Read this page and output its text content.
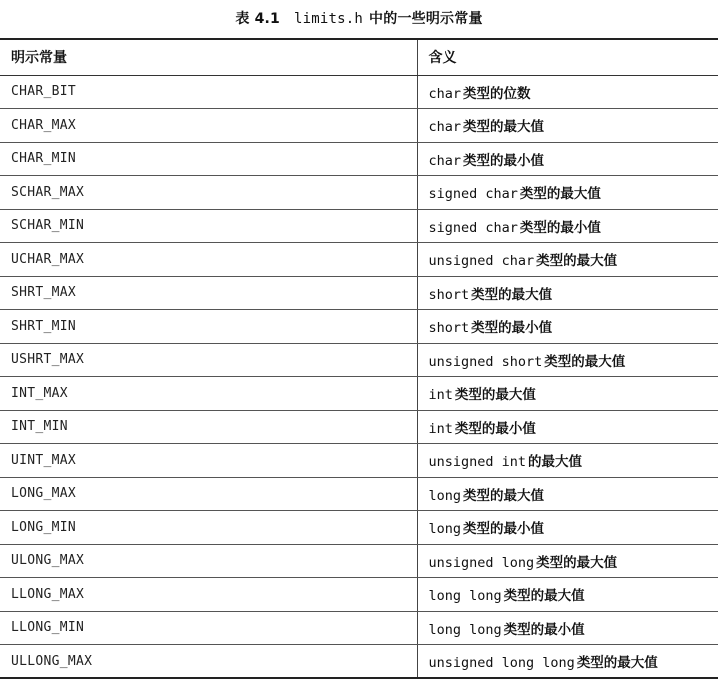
表 4.1 limits.h 中的一些明示常量
明示常量	含义
CHAR_BIT	char 类型的位数
CHAR_MAX	char 类型的最大值
CHAR_MIN	char 类型的最小值
SCHAR_MAX	signed char 类型的最大值
SCHAR_MIN	signed char 类型的最小值
UCHAR_MAX	unsigned char 类型的最大值
SHRT_MAX	short 类型的最大值
SHRT_MIN	short 类型的最小值
USHRT_MAX	unsigned short 类型的最大值
INT_MAX	int 类型的最大值
INT_MIN	int 类型的最小值
UINT_MAX	unsigned int 的最大值
LONG_MAX	long 类型的最大值
LONG_MIN	long 类型的最小值
ULONG_MAX	unsigned long 类型的最大值
LLONG_MAX	long long 类型的最大值
LLONG_MIN	long long 类型的最小值
ULLONG_MAX	unsigned long long 类型的最大值
